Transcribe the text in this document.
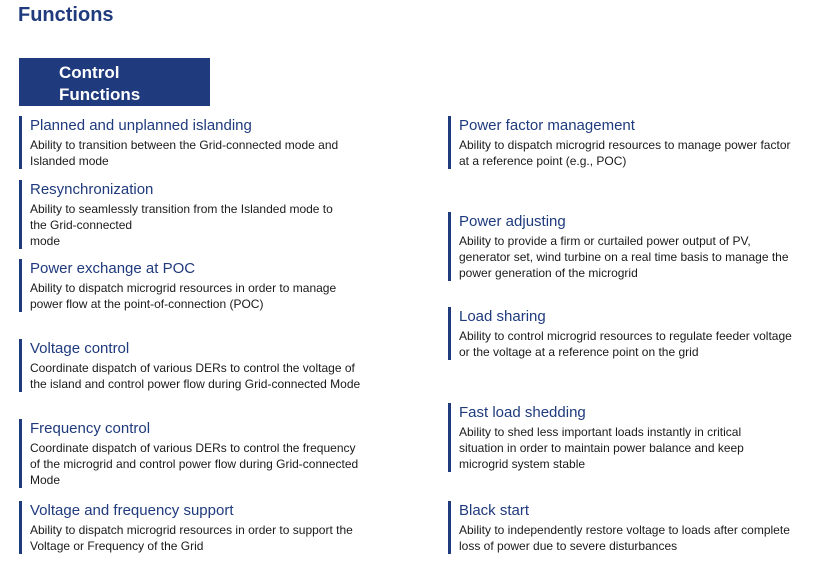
Functions
Control
Functions
Planned and unplanned islanding
Ability to transition between the Grid-connected mode and
Islanded mode
Resynchronization
Ability to seamlessly transition from the Islanded mode to
the Grid-connected
mode
Power exchange at POC
Ability to dispatch microgrid resources in order to manage
power flow at the point-of-connection (POC)
Voltage control
Coordinate dispatch of various DERs to control the voltage of
the island and control power flow during Grid-connected Mode
Frequency control
Coordinate dispatch of various DERs to control the frequency
of the microgrid and control power flow during Grid-connected
Mode
Voltage and frequency support
Ability to dispatch microgrid resources in order to support the
Voltage or Frequency of the Grid
Power factor management
Ability to dispatch microgrid resources to manage power factor
at a reference point (e.g., POC)
Power adjusting
Ability to provide a firm or curtailed power output of PV,
generator set, wind turbine on a real time basis to manage the
power generation of the microgrid
Load sharing
Ability to control microgrid resources to regulate feeder voltage
or the voltage at a reference point on the grid
Fast load shedding
Ability to shed less important loads instantly in critical
situation in order to maintain power balance and keep
microgrid system stable
Black start
Ability to independently restore voltage to loads after complete
loss of power due to severe disturbances
